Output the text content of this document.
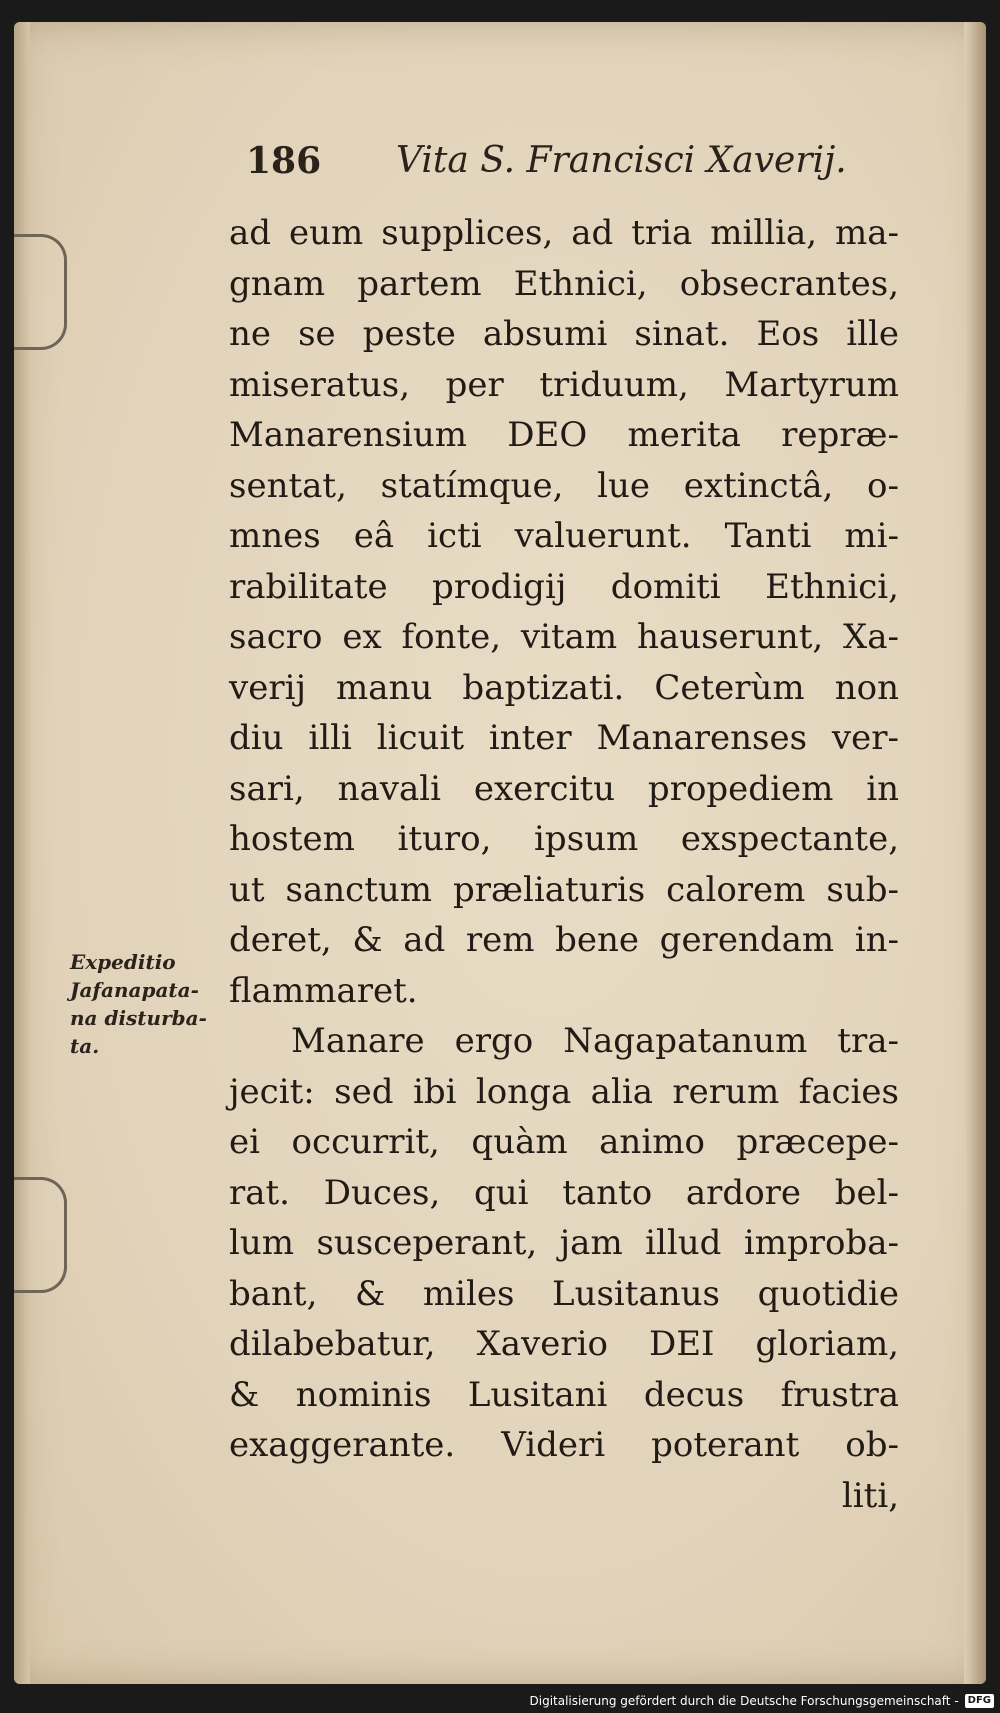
186 Vita S. Francisci Xaverij.
Expeditio
Jafanapata-
na disturba-
ta.
ad eum supplices, ad tria millia, ma-
gnam partem Ethnici, obsecrantes,
ne se peste absumi sinat. Eos ille
miseratus, per triduum, Martyrum
Manarensium DEO merita repræ-
sentat, statímque, lue extinctâ, o-
mnes eâ icti valuerunt. Tanti mi-
rabilitate prodigij domiti Ethnici,
sacro ex fonte, vitam hauserunt, Xa-
verij manu baptizati. Ceterùm non
diu illi licuit inter Manarenses ver-
sari, navali exercitu propediem in
hostem ituro, ipsum exspectante,
ut sanctum præliaturis calorem sub-
deret, & ad rem bene gerendam in-
flammaret.
Manare ergo Nagapatanum tra-
jecit: sed ibi longa alia rerum facies
ei occurrit, quàm animo præcepe-
rat. Duces, qui tanto ardore bel-
lum susceperant, jam illud improba-
bant, & miles Lusitanus quotidie
dilabebatur, Xaverio DEI gloriam,
& nominis Lusitani decus frustra
exaggerante. Videri poterant ob-
liti,
Digitalisierung gefördert durch die Deutsche Forschungsgemeinschaft - DFG
